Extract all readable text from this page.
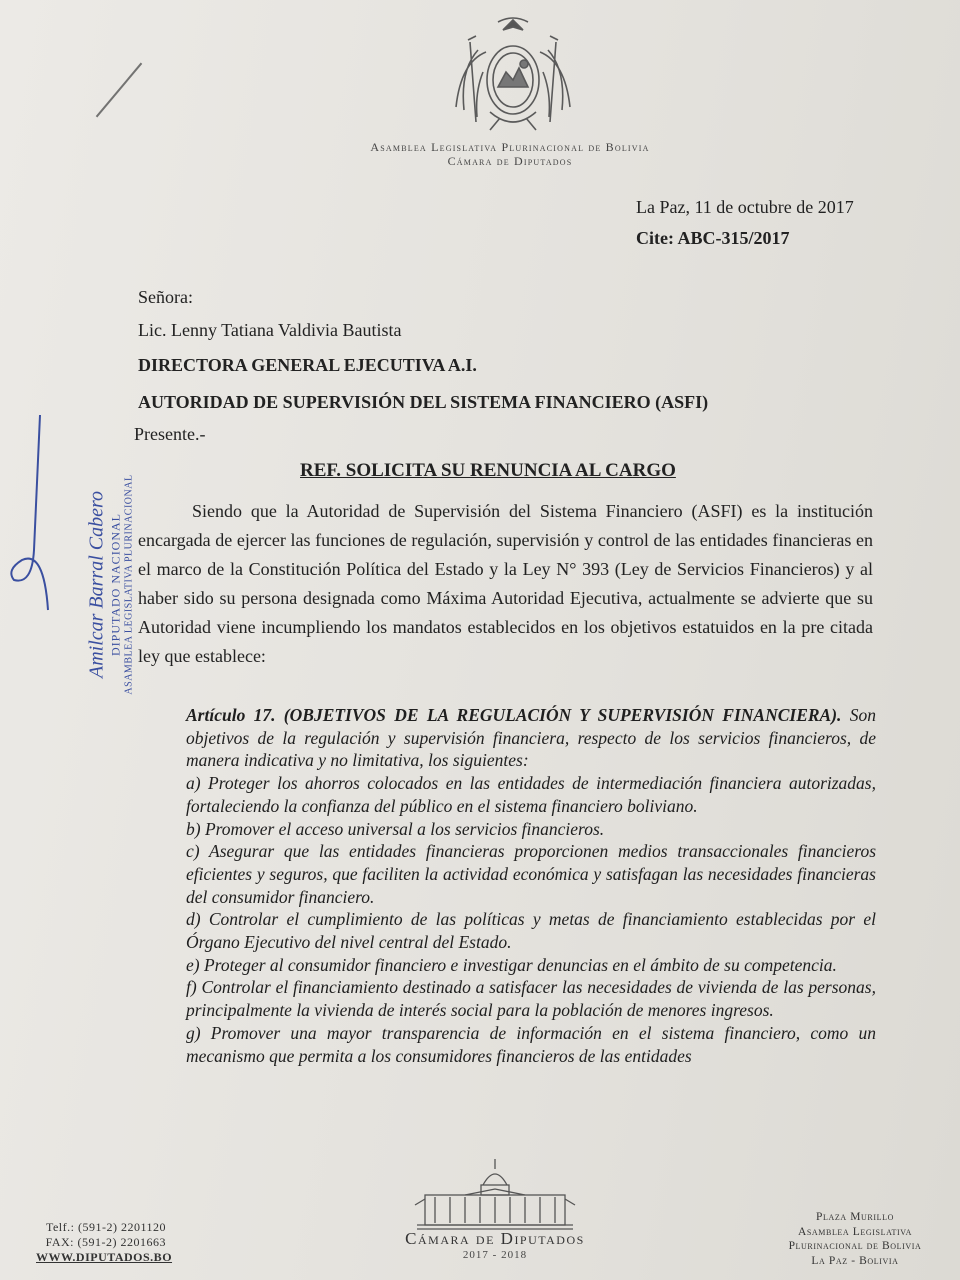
Asamblea Legislativa Plurinacional de Bolivia
Cámara de Diputados
La Paz, 11 de octubre de 2017
Cite: ABC-315/2017
Señora:
Lic. Lenny Tatiana Valdivia Bautista
DIRECTORA GENERAL EJECUTIVA A.I.
AUTORIDAD DE SUPERVISIÓN DEL SISTEMA FINANCIERO (ASFI)
Presente.-
REF. SOLICITA SU RENUNCIA AL CARGO
Siendo que la Autoridad de Supervisión del Sistema Financiero (ASFI) es la institución encargada de ejercer las funciones de regulación, supervisión y control de las entidades financieras en el marco de la Constitución Política del Estado y la Ley N° 393 (Ley de Servicios Financieros) y al haber sido su persona designada como Máxima Autoridad Ejecutiva, actualmente se advierte que su Autoridad viene incumpliendo los mandatos establecidos en los objetivos estatuidos en la pre citada ley que establece:

Artículo 17. (OBJETIVOS DE LA REGULACIÓN Y SUPERVISIÓN FINANCIERA). Son objetivos de la regulación y supervisión financiera, respecto de los servicios financieros, de manera indicativa y no limitativa, los siguientes:

a) Proteger los ahorros colocados en las entidades de intermediación financiera autorizadas, fortaleciendo la confianza del público en el sistema financiero boliviano.

b) Promover el acceso universal a los servicios financieros.

c) Asegurar que las entidades financieras proporcionen medios transaccionales financieros eficientes y seguros, que faciliten la actividad económica y satisfagan las necesidades financieras del consumidor financiero.

d) Controlar el cumplimiento de las políticas y metas de financiamiento establecidas por el Órgano Ejecutivo del nivel central del Estado.

e) Proteger al consumidor financiero e investigar denuncias en el ámbito de su competencia.

f) Controlar el financiamiento destinado a satisfacer las necesidades de vivienda de las personas, principalmente la vivienda de interés social para la población de menores ingresos.

g) Promover una mayor transparencia de información en el sistema financiero, como un mecanismo que permita a los consumidores financieros de las entidades

Amilcar Barral Cabero DIPUTADO NACIONAL ASAMBLEA LEGISLATIVA PLURINACIONAL
Telf.: (591-2) 2201120
FAX: (591-2) 2201663
WWW.DIPUTADOS.BO
Cámara de Diputados
2017 - 2018
Plaza Murillo
Asamblea Legislativa
Plurinacional de Bolivia
La Paz - Bolivia
